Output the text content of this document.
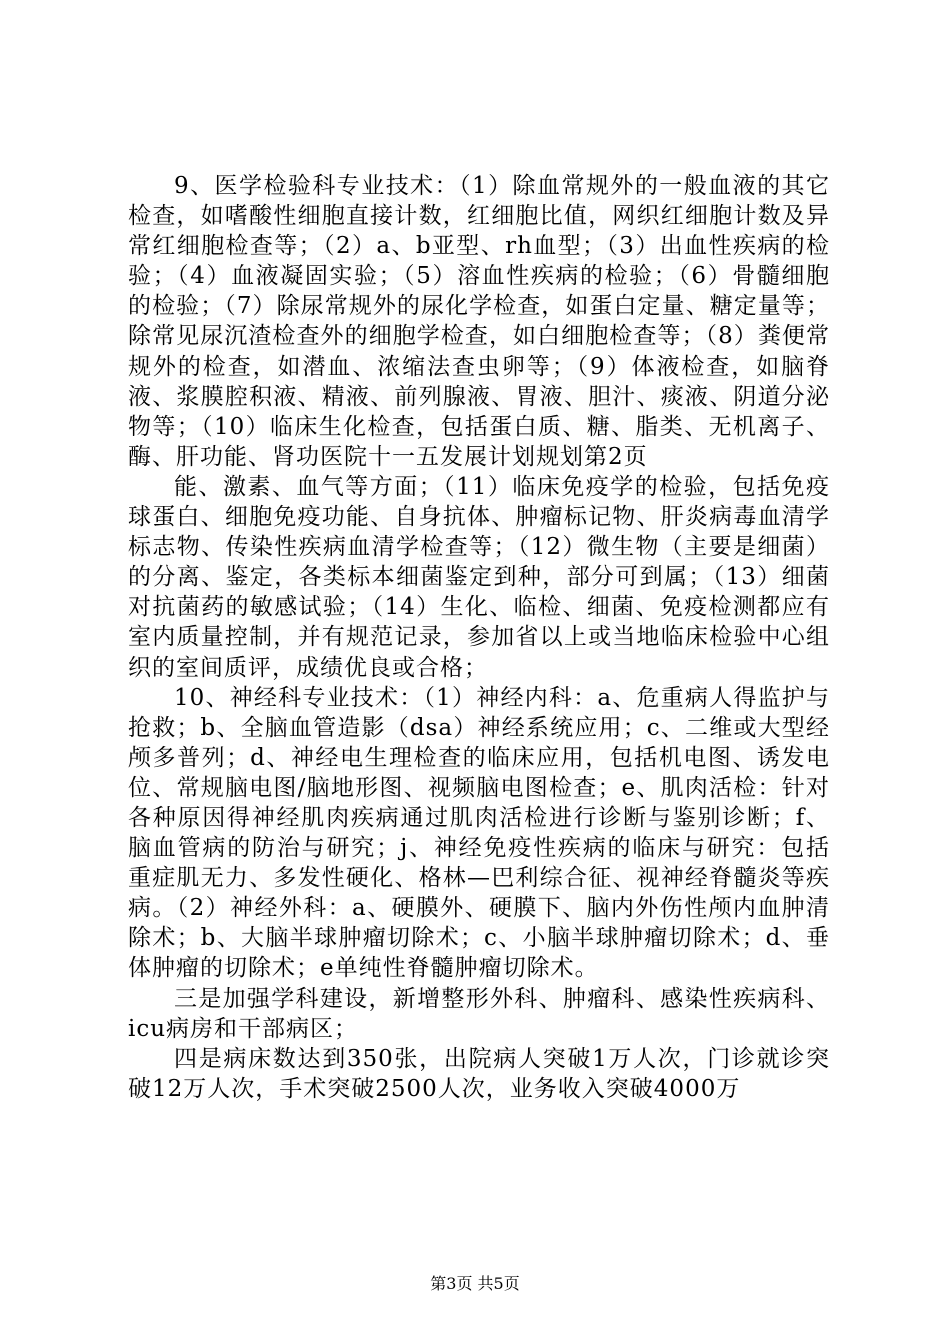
9、医学检验科专业技术：（1）除血常规外的一般血液的其它检查，如嗜酸性细胞直接计数，红细胞比值，网织红细胞计数及异常红细胞检查等；（2）a、b亚型、rh血型；（3）出血性疾病的检验；（4）血液凝固实验；（5）溶血性疾病的检验；（6）骨髓细胞的检验；（7）除尿常规外的尿化学检查，如蛋白定量、糖定量等；除常见尿沉渣检查外的细胞学检查，如白细胞检查等；（8）粪便常规外的检查，如潜血、浓缩法查虫卵等；（9）体液检查，如脑脊液、浆膜腔积液、精液、前列腺液、胃液、胆汁、痰液、阴道分泌物等；（10）临床生化检查，包括蛋白质、糖、脂类、无机离子、酶、肝功能、肾功医院十一五发展计划规划第2页

能、激素、血气等方面；（11）临床免疫学的检验，包括免疫球蛋白、细胞免疫功能、自身抗体、肿瘤标记物、肝炎病毒血清学标志物、传染性疾病血清学检查等；（12）微生物（主要是细菌）的分离、鉴定，各类标本细菌鉴定到种，部分可到属；（13）细菌对抗菌药的敏感试验；（14）生化、临检、细菌、免疫检测都应有室内质量控制，并有规范记录，参加省以上或当地临床检验中心组织的室间质评，成绩优良或合格；

10、神经科专业技术：（1）神经内科：a、危重病人得监护与抢救；b、全脑血管造影（dsa）神经系统应用；c、二维或大型经颅多普列；d、神经电生理检查的临床应用，包括机电图、诱发电位、常规脑电图/脑地形图、视频脑电图检查；e、肌肉活检：针对各种原因得神经肌肉疾病通过肌肉活检进行诊断与鉴别诊断；f、脑血管病的防治与研究；j、神经免疫性疾病的临床与研究：包括重症肌无力、多发性硬化、格林—巴利综合征、视神经脊髓炎等疾病。（2）神经外科：a、硬膜外、硬膜下、脑内外伤性颅内血肿清除术；b、大脑半球肿瘤切除术；c、小脑半球肿瘤切除术；d、垂体肿瘤的切除术；e单纯性脊髓肿瘤切除术。

三是加强学科建设，新增整形外科、肿瘤科、感染性疾病科、icu病房和干部病区；

四是病床数达到350张，出院病人突破1万人次，门诊就诊突破12万人次，手术突破2500人次，业务收入突破4000万

第3页 共5页
